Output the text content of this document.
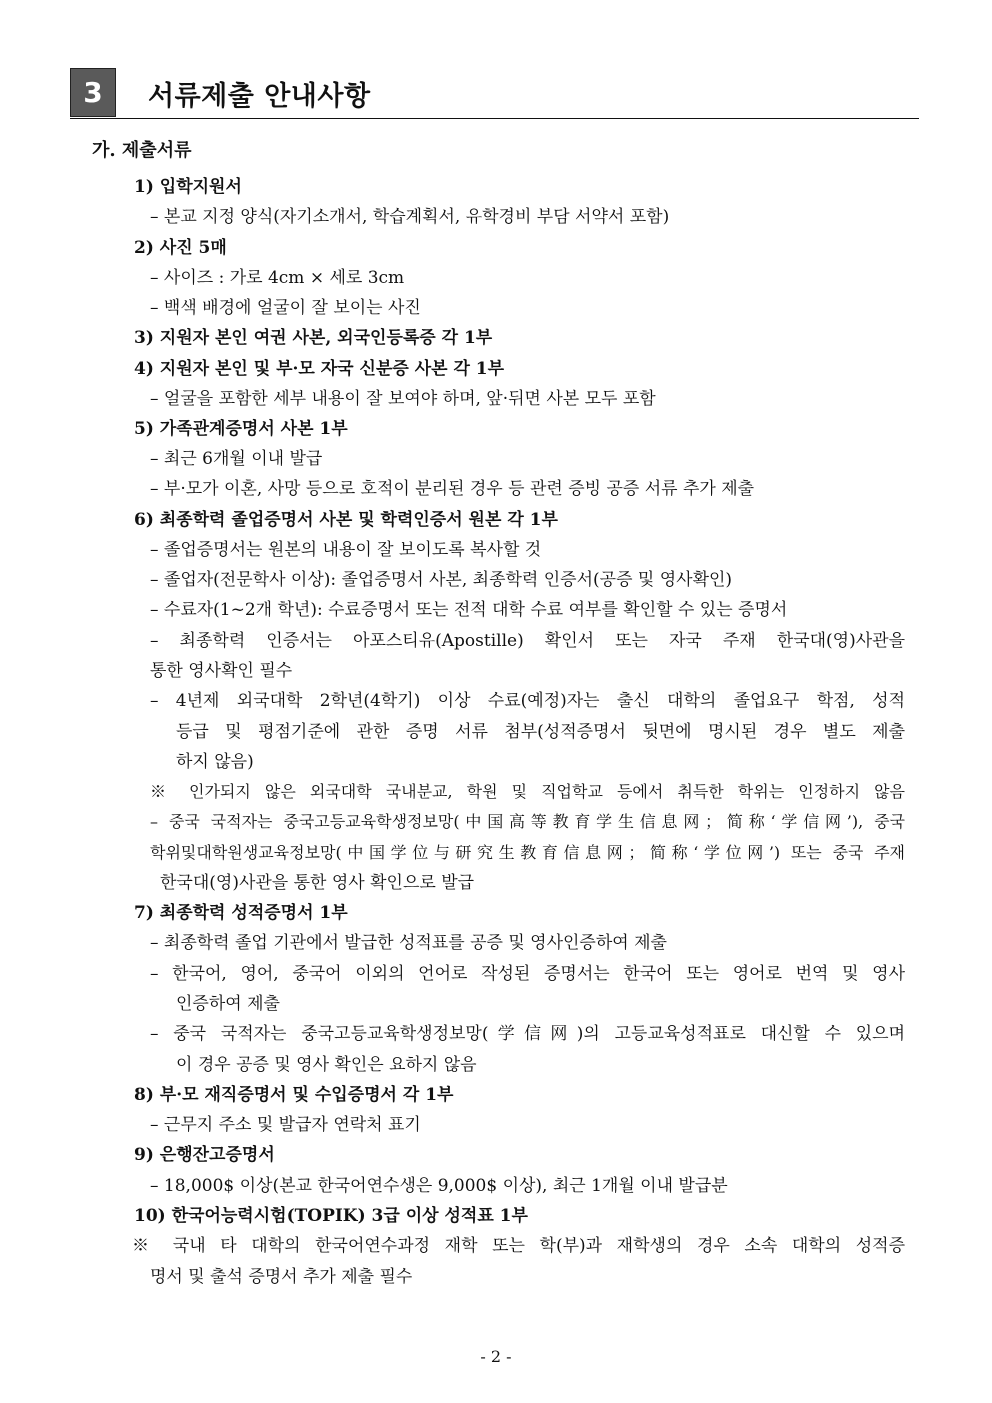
3	서류제출 안내사항
가. 제출서류
1) 입학지원서
– 본교 지정 양식(자기소개서, 학습계획서, 유학경비 부담 서약서 포함)
2) 사진 5매
– 사이즈 : 가로 4cm × 세로 3cm
– 백색 배경에 얼굴이 잘 보이는 사진
3) 지원자 본인 여권 사본, 외국인등록증 각 1부
4) 지원자 본인 및 부·모 자국 신분증 사본 각 1부
– 얼굴을 포함한 세부 내용이 잘 보여야 하며, 앞·뒤면 사본 모두 포함
5) 가족관계증명서 사본 1부
– 최근 6개월 이내 발급
– 부·모가 이혼, 사망 등으로 호적이 분리된 경우 등 관련 증빙 공증 서류 추가 제출
6) 최종학력 졸업증명서 사본 및 학력인증서 원본 각 1부
– 졸업증명서는 원본의 내용이 잘 보이도록 복사할 것
– 졸업자(전문학사 이상): 졸업증명서 사본, 최종학력 인증서(공증 및 영사확인)
– 수료자(1~2개 학년): 수료증명서 또는 전적 대학 수료 여부를 확인할 수 있는 증명서
– 최종학력 인증서는 아포스티유(Apostille) 확인서 또는 자국 주재 한국대(영)사관을
통한 영사확인 필수
– 4년제 외국대학 2학년(4학기) 이상 수료(예정)자는 출신 대학의 졸업요구 학점, 성적
등급 및 평점기준에 관한 증명 서류 첨부(성적증명서 뒷면에 명시된 경우 별도 제출
하지 않음)
※ 인가되지 않은 외국대학 국내분교, 학원 및 직업학교 등에서 취득한 학위는 인정하지 않음
– 중국 국적자는 중국고등교육학생정보망(中国高等教育学生信息网；简称‘学信网’), 중국
학위및대학원생교육정보망(中国学位与研究生教育信息网；简称‘学位网’) 또는 중국 주재
한국대(영)사관을 통한 영사 확인으로 발급
7) 최종학력 성적증명서 1부
– 최종학력 졸업 기관에서 발급한 성적표를 공증 및 영사인증하여 제출
– 한국어, 영어, 중국어 이외의 언어로 작성된 증명서는 한국어 또는 영어로 번역 및 영사
인증하여 제출
– 중국 국적자는 중국고등교육학생정보망(学信网)의 고등교육성적표로 대신할 수 있으며
이 경우 공증 및 영사 확인은 요하지 않음
8) 부·모 재직증명서 및 수입증명서 각 1부
– 근무지 주소 및 발급자 연락처 표기
9) 은행잔고증명서
– 18,000$ 이상(본교 한국어연수생은 9,000$ 이상), 최근 1개월 이내 발급분
10) 한국어능력시험(TOPIK) 3급 이상 성적표 1부
※ 국내 타 대학의 한국어연수과정 재학 또는 학(부)과 재학생의 경우 소속 대학의 성적증
명서 및 출석 증명서 추가 제출 필수
- 2 -
